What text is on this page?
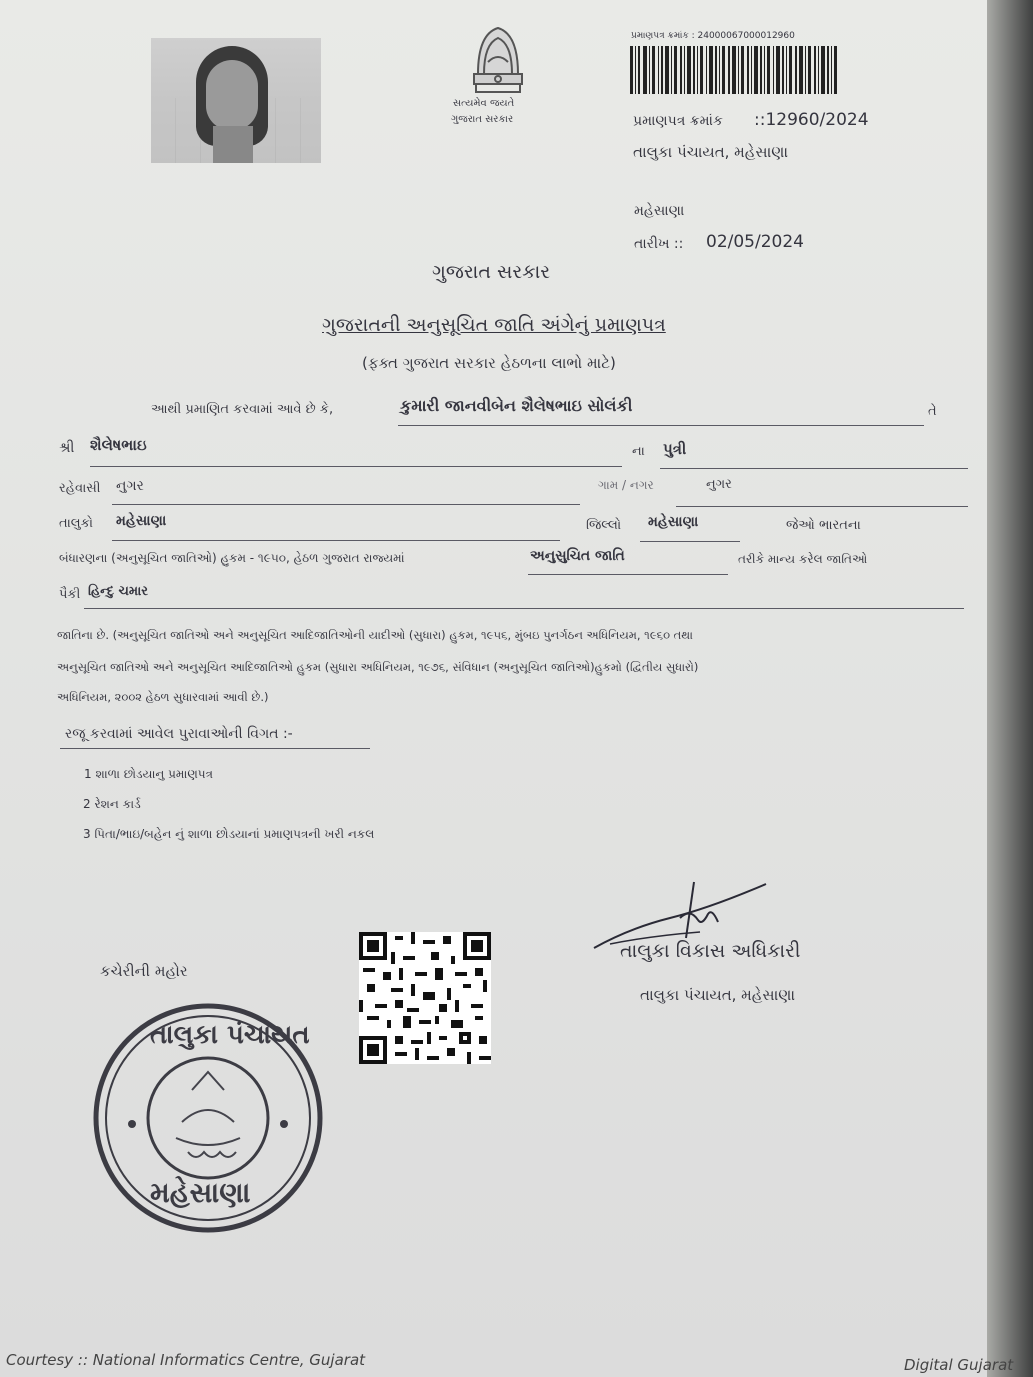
સત્યમેવ જયતે
ગુજરાત સરકાર
પ્રમાણપત્ર ક્રમાંક : 24000067000012960
પ્રમાણપત્ર ક્રમાંક ::12960/2024
તાલુકા પંચાયત, મહેસાણા
મહેસાણા
તારીખ :: 02/05/2024
ગુજરાત સરકાર
ગુજરાતની અનુસૂચિત જાતિ અંગેનું પ્રમાણપત્ર
(ફક્ત ગુજરાત સરકાર હેઠળના લાભો માટે)
આથી પ્રમાણિત કરવામાં આવે છે કે,	કુમારી જાનવીબેન શૈલેષભાઇ સોલંકી	તે
શ્રી શૈલેષભાઇ	ના પુત્રી
રહેવાસી નુગર	ગામ / નગર	નુગર
તાલુકો મહેસાણા	જિલ્લો મહેસાણા	જેઓ ભારતના
બંધારણના (અનુસૂચિત જાતિઓ) હુકમ - ૧૯૫૦, હેઠળ ગુજરાત રાજ્યમાં	અનુસુચિત જાતિ	તરીકે માન્ય કરેલ જાતિઓ
પૈકી હિન્દુ ચમાર
જાતિના છે. (અનુસૂચિત જાતિઓ અને અનુસૂચિત આદિજાતિઓની યાદીઓ (સુધારા) હુકમ, ૧૯૫૬, મુંબઇ પુનર્ગઠન અધિનિયમ, ૧૯૬૦ તથા
અનુસૂચિત જાતિઓ અને અનુસૂચિત આદિજાતિઓ હુકમ (સુધારા અધિનિયમ, ૧૯૭૬, સંવિધાન (અનુસૂચિત જાતિઓ)હુકમો (દ્વિતીય સુધારો)
અધિનિયમ, ૨૦૦૨ હેઠળ સુધારવામાં આવી છે.)
રજૂ કરવામાં આવેલ પુરાવાઓની વિગત :-
1 શાળા છોડયાનુ પ્રમાણપત્ર
2 રેશન કાર્ડ
3 પિતા/ભાઇ/બહેન નું શાળા છોડયાનાં પ્રમાણપત્રની ખરી નકલ
તાલુકા વિકાસ અધિકારી
તાલુકા પંચાયત, મહેસાણા
કચેરીની મહોર
તાલુકા પંચાયત
મહેસાણા
Courtesy :: National Informatics Centre, Gujarat	Digital Gujarat
